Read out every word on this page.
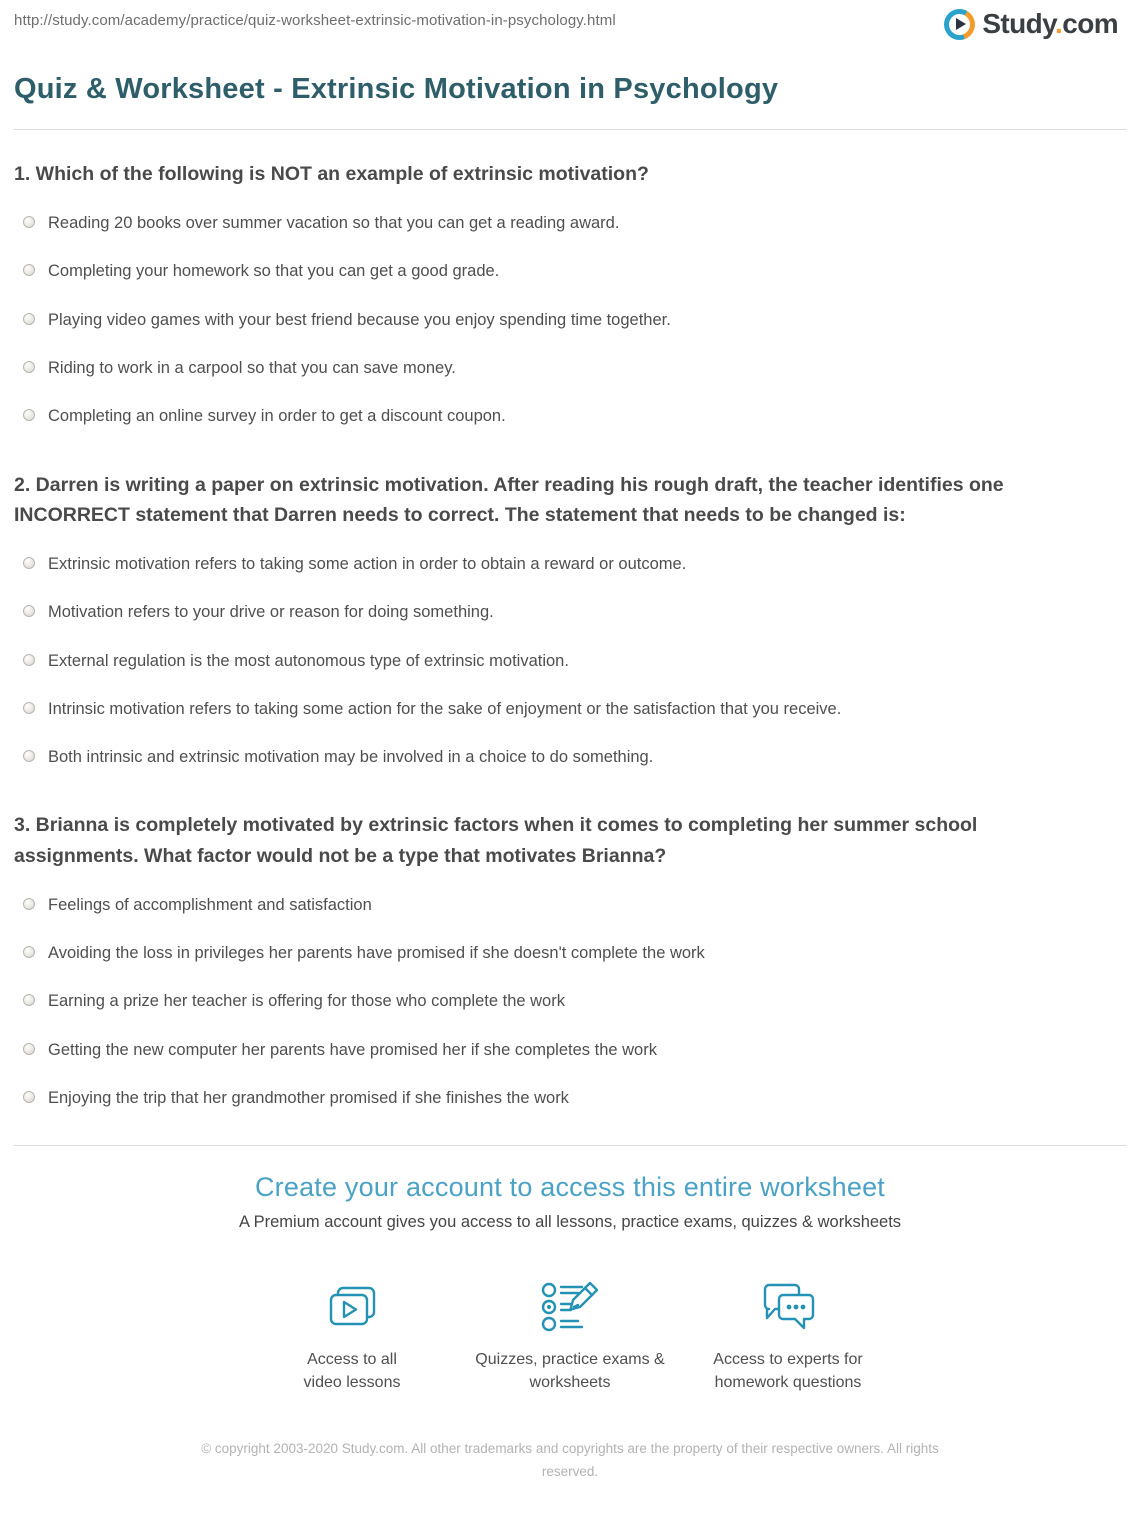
http://study.com/academy/practice/quiz-worksheet-extrinsic-motivation-in-psychology.html	Study.com
Quiz & Worksheet - Extrinsic Motivation in Psychology
1. Which of the following is NOT an example of extrinsic motivation?
Reading 20 books over summer vacation so that you can get a reading award.
Completing your homework so that you can get a good grade.
Playing video games with your best friend because you enjoy spending time together.
Riding to work in a carpool so that you can save money.
Completing an online survey in order to get a discount coupon.
2. Darren is writing a paper on extrinsic motivation. After reading his rough draft, the teacher identifies one INCORRECT statement that Darren needs to correct. The statement that needs to be changed is:
Extrinsic motivation refers to taking some action in order to obtain a reward or outcome.
Motivation refers to your drive or reason for doing something.
External regulation is the most autonomous type of extrinsic motivation.
Intrinsic motivation refers to taking some action for the sake of enjoyment or the satisfaction that you receive.
Both intrinsic and extrinsic motivation may be involved in a choice to do something.
3. Brianna is completely motivated by extrinsic factors when it comes to completing her summer school assignments. What factor would not be a type that motivates Brianna?
Feelings of accomplishment and satisfaction
Avoiding the loss in privileges her parents have promised if she doesn't complete the work
Earning a prize her teacher is offering for those who complete the work
Getting the new computer her parents have promised her if she completes the work
Enjoying the trip that her grandmother promised if she finishes the work
Create your account to access this entire worksheet
A Premium account gives you access to all lessons, practice exams, quizzes & worksheets
Access to all video lessons
Quizzes, practice exams & worksheets
Access to experts for homework questions
© copyright 2003-2020 Study.com. All other trademarks and copyrights are the property of their respective owners. All rights reserved.
